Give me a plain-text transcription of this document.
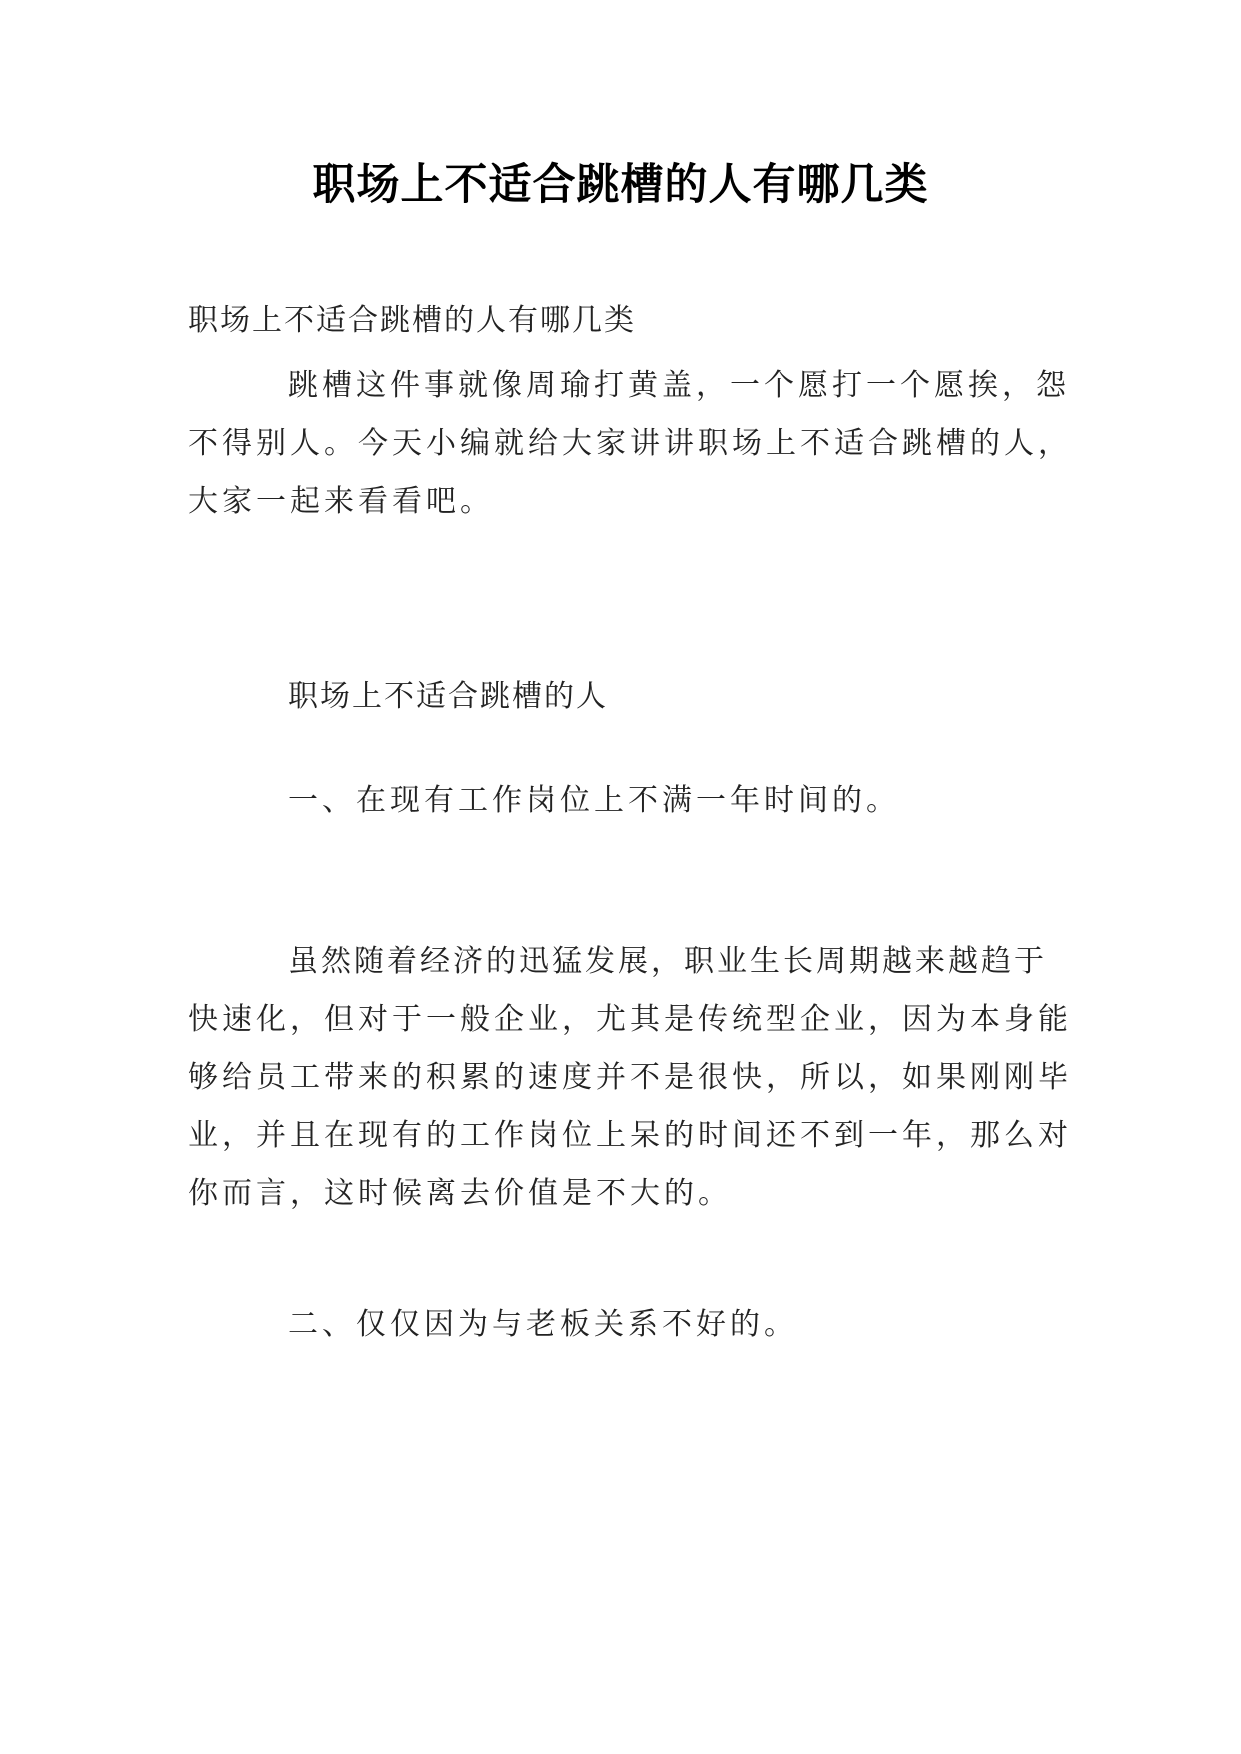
职场上不适合跳槽的人有哪几类

职场上不适合跳槽的人有哪几类

跳槽这件事就像周瑜打黄盖，一个愿打一个愿挨，怨
不得别人。今天小编就给大家讲讲职场上不适合跳槽的人，
大家一起来看看吧。

职场上不适合跳槽的人

一、在现有工作岗位上不满一年时间的。

虽然随着经济的迅猛发展，职业生长周期越来越趋于
快速化，但对于一般企业，尤其是传统型企业，因为本身能
够给员工带来的积累的速度并不是很快，所以，如果刚刚毕
业，并且在现有的工作岗位上呆的时间还不到一年，那么对
你而言，这时候离去价值是不大的。

二、仅仅因为与老板关系不好的。
